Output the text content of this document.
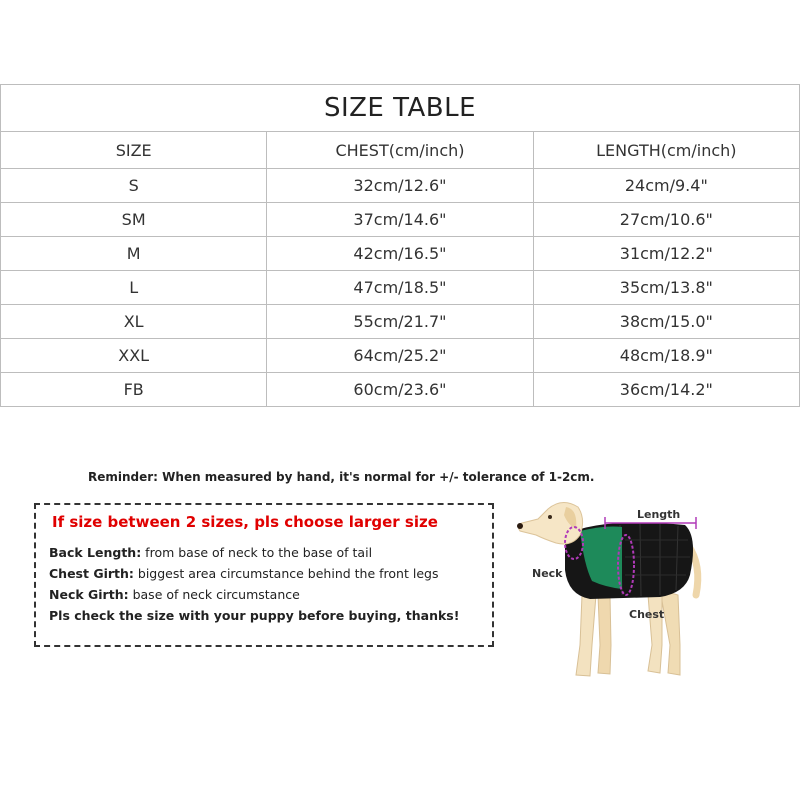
SIZE TABLE		
SIZE	CHEST(cm/inch)	LENGTH(cm/inch)
S	32cm/12.6"	24cm/9.4"
SM	37cm/14.6"	27cm/10.6"
M	42cm/16.5"	31cm/12.2"
L	47cm/18.5"	35cm/13.8"
XL	55cm/21.7"	38cm/15.0"
XXL	64cm/25.2"	48cm/18.9"
FB	60cm/23.6"	36cm/14.2"
Reminder: When measured by hand, it's normal for +/- tolerance of 1-2cm.
If size between 2 sizes, pls choose larger size
Back Length: from base of neck to the base of tail
Chest Girth: biggest area circumstance behind the front legs
Neck Girth: base of neck circumstance
Pls check the size with your puppy before buying, thanks!
Length
Neck
Chest
